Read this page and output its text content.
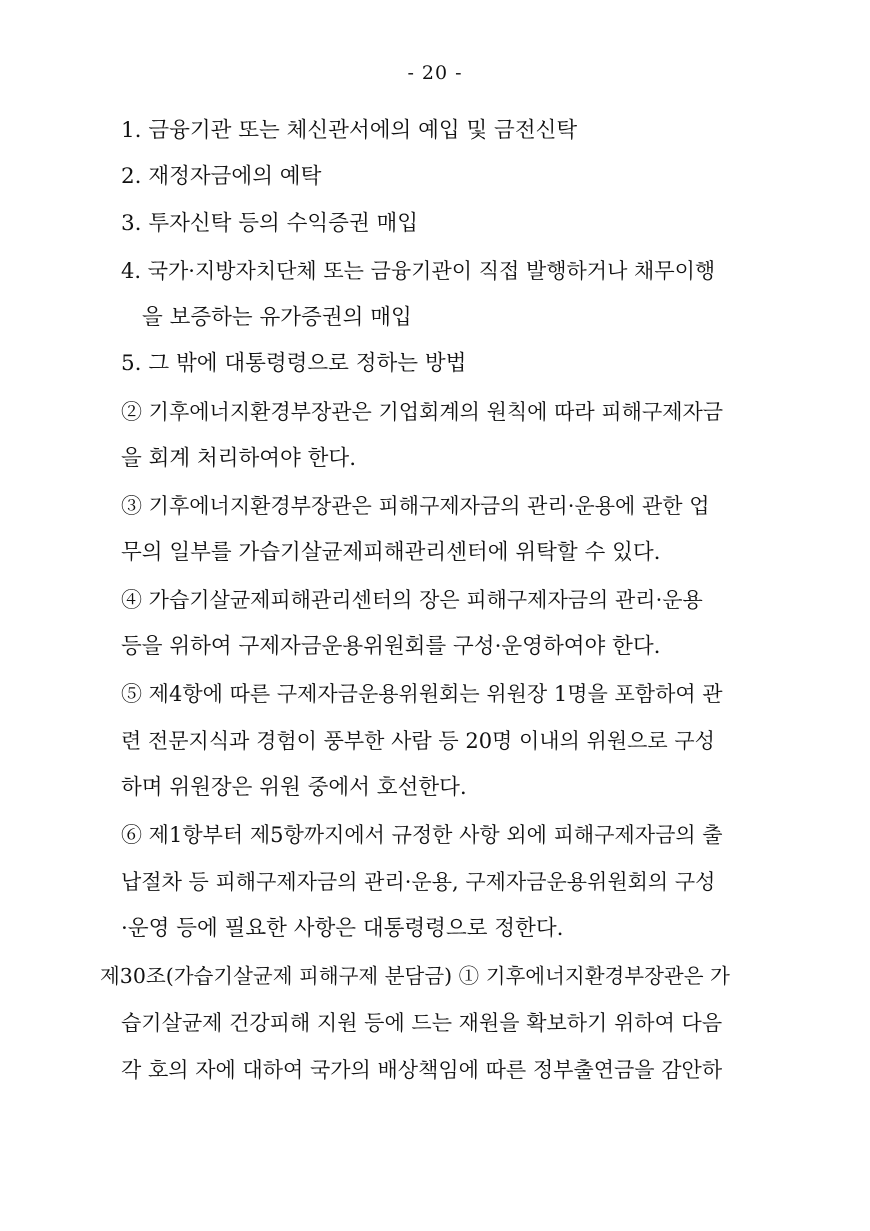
- 20 -
1. 금융기관 또는 체신관서에의 예입 및 금전신탁
2. 재정자금에의 예탁
3. 투자신탁 등의 수익증권 매입
4. 국가·지방자치단체 또는 금융기관이 직접 발행하거나 채무이행
을 보증하는 유가증권의 매입
5. 그 밖에 대통령령으로 정하는 방법
② 기후에너지환경부장관은 기업회계의 원칙에 따라 피해구제자금
을 회계 처리하여야 한다.
③ 기후에너지환경부장관은 피해구제자금의 관리·운용에 관한 업
무의 일부를 가습기살균제피해관리센터에 위탁할 수 있다.
④ 가습기살균제피해관리센터의 장은 피해구제자금의 관리·운용
등을 위하여 구제자금운용위원회를 구성·운영하여야 한다.
⑤ 제4항에 따른 구제자금운용위원회는 위원장 1명을 포함하여 관
련 전문지식과 경험이 풍부한 사람 등 20명 이내의 위원으로 구성
하며 위원장은 위원 중에서 호선한다.
⑥ 제1항부터 제5항까지에서 규정한 사항 외에 피해구제자금의 출
납절차 등 피해구제자금의 관리·운용, 구제자금운용위원회의 구성
·운영 등에 필요한 사항은 대통령령으로 정한다.
제30조(가습기살균제 피해구제 분담금) ① 기후에너지환경부장관은 가
습기살균제 건강피해 지원 등에 드는 재원을 확보하기 위하여 다음
각 호의 자에 대하여 국가의 배상책임에 따른 정부출연금을 감안하
